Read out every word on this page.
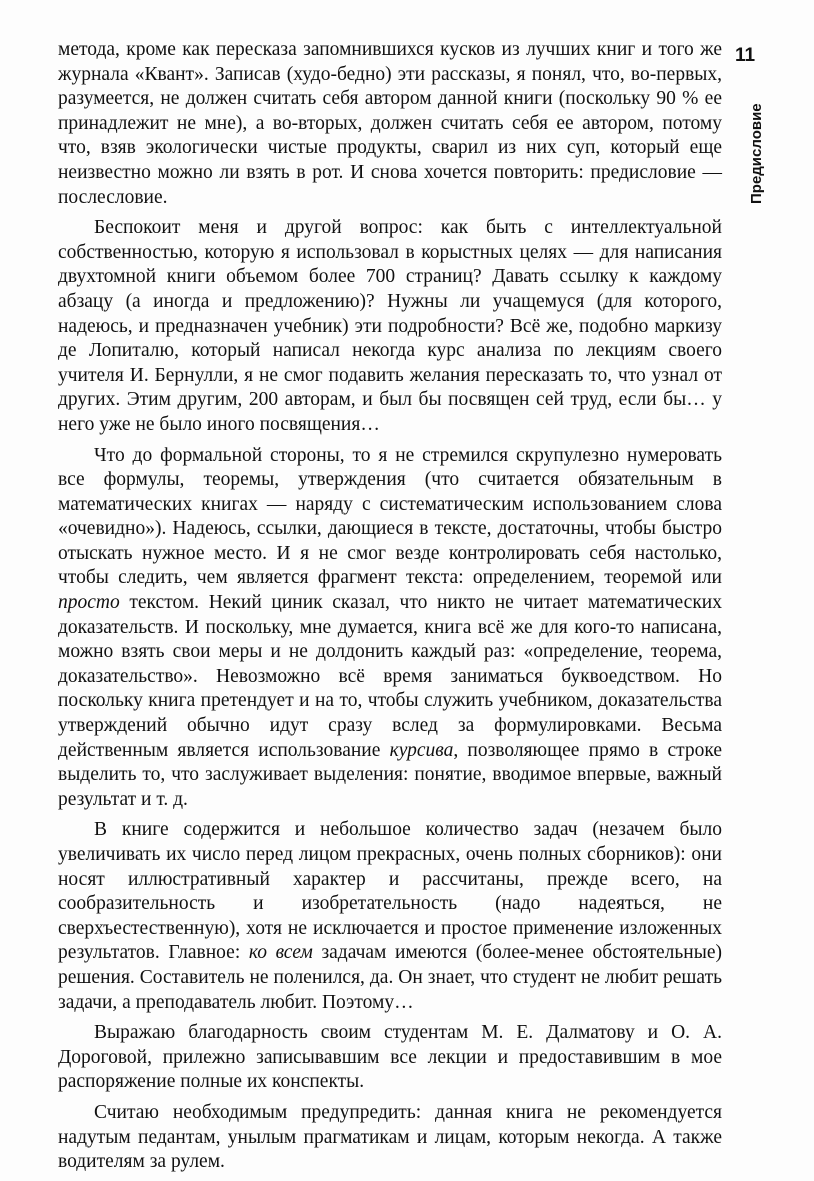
11
Предисловие

метода, кроме как пересказа запомнившихся кусков из лучших книг и того же журнала «Квант». Записав (худо-бедно) эти рассказы, я понял, что, во-первых, разумеется, не должен считать себя автором данной книги (поскольку 90 % ее принадлежит не мне), а во-вторых, должен считать себя ее автором, потому что, взяв экологически чистые продукты, сварил из них суп, который еще неизвестно можно ли взять в рот. И снова хочется повторить: предисловие — послесловие.

Беспокоит меня и другой вопрос: как быть с интеллектуальной собственностью, которую я использовал в корыстных целях — для написания двухтомной книги объемом более 700 страниц? Давать ссылку к каждому абзацу (а иногда и предложению)? Нужны ли учащемуся (для которого, надеюсь, и предназначен учебник) эти подробности? Всё же, подобно маркизу де Лопиталю, который написал некогда курс анализа по лекциям своего учителя И. Бернулли, я не смог подавить желания пересказать то, что узнал от других. Этим другим, 200 авторам, и был бы посвящен сей труд, если бы… у него уже не было иного посвящения…

Что до формальной стороны, то я не стремился скрупулезно нумеровать все формулы, теоремы, утверждения (что считается обязательным в математических книгах — наряду с систематическим использованием слова «очевидно»). Надеюсь, ссылки, дающиеся в тексте, достаточны, чтобы быстро отыскать нужное место. И я не смог везде контролировать себя настолько, чтобы следить, чем является фрагмент текста: определением, теоремой или просто текстом. Некий циник сказал, что никто не читает математических доказательств. И поскольку, мне думается, книга всё же для кого-то написана, можно взять свои меры и не долдонить каждый раз: «определение, теорема, доказательство». Невозможно всё время заниматься буквоедством. Но поскольку книга претендует и на то, чтобы служить учебником, доказательства утверждений обычно идут сразу вслед за формулировками. Весьма действенным является использование курсива, позволяющее прямо в строке выделить то, что заслуживает выделения: понятие, вводимое впервые, важный результат и т. д.

В книге содержится и небольшое количество задач (незачем было увеличивать их число перед лицом прекрасных, очень полных сборников): они носят иллюстративный характер и рассчитаны, прежде всего, на сообразительность и изобретательность (надо надеяться, не сверхъестественную), хотя не исключается и простое применение изложенных результатов. Главное: ко всем задачам имеются (более-менее обстоятельные) решения. Составитель не поленился, да. Он знает, что студент не любит решать задачи, а преподаватель любит. Поэтому…

Выражаю благодарность своим студентам М. Е. Далматову и О. А. Дороговой, прилежно записывавшим все лекции и предоставившим в мое распоряжение полные их конспекты.

Считаю необходимым предупредить: данная книга не рекомендуется надутым педантам, унылым прагматикам и лицам, которым некогда. А также водителям за рулем.
